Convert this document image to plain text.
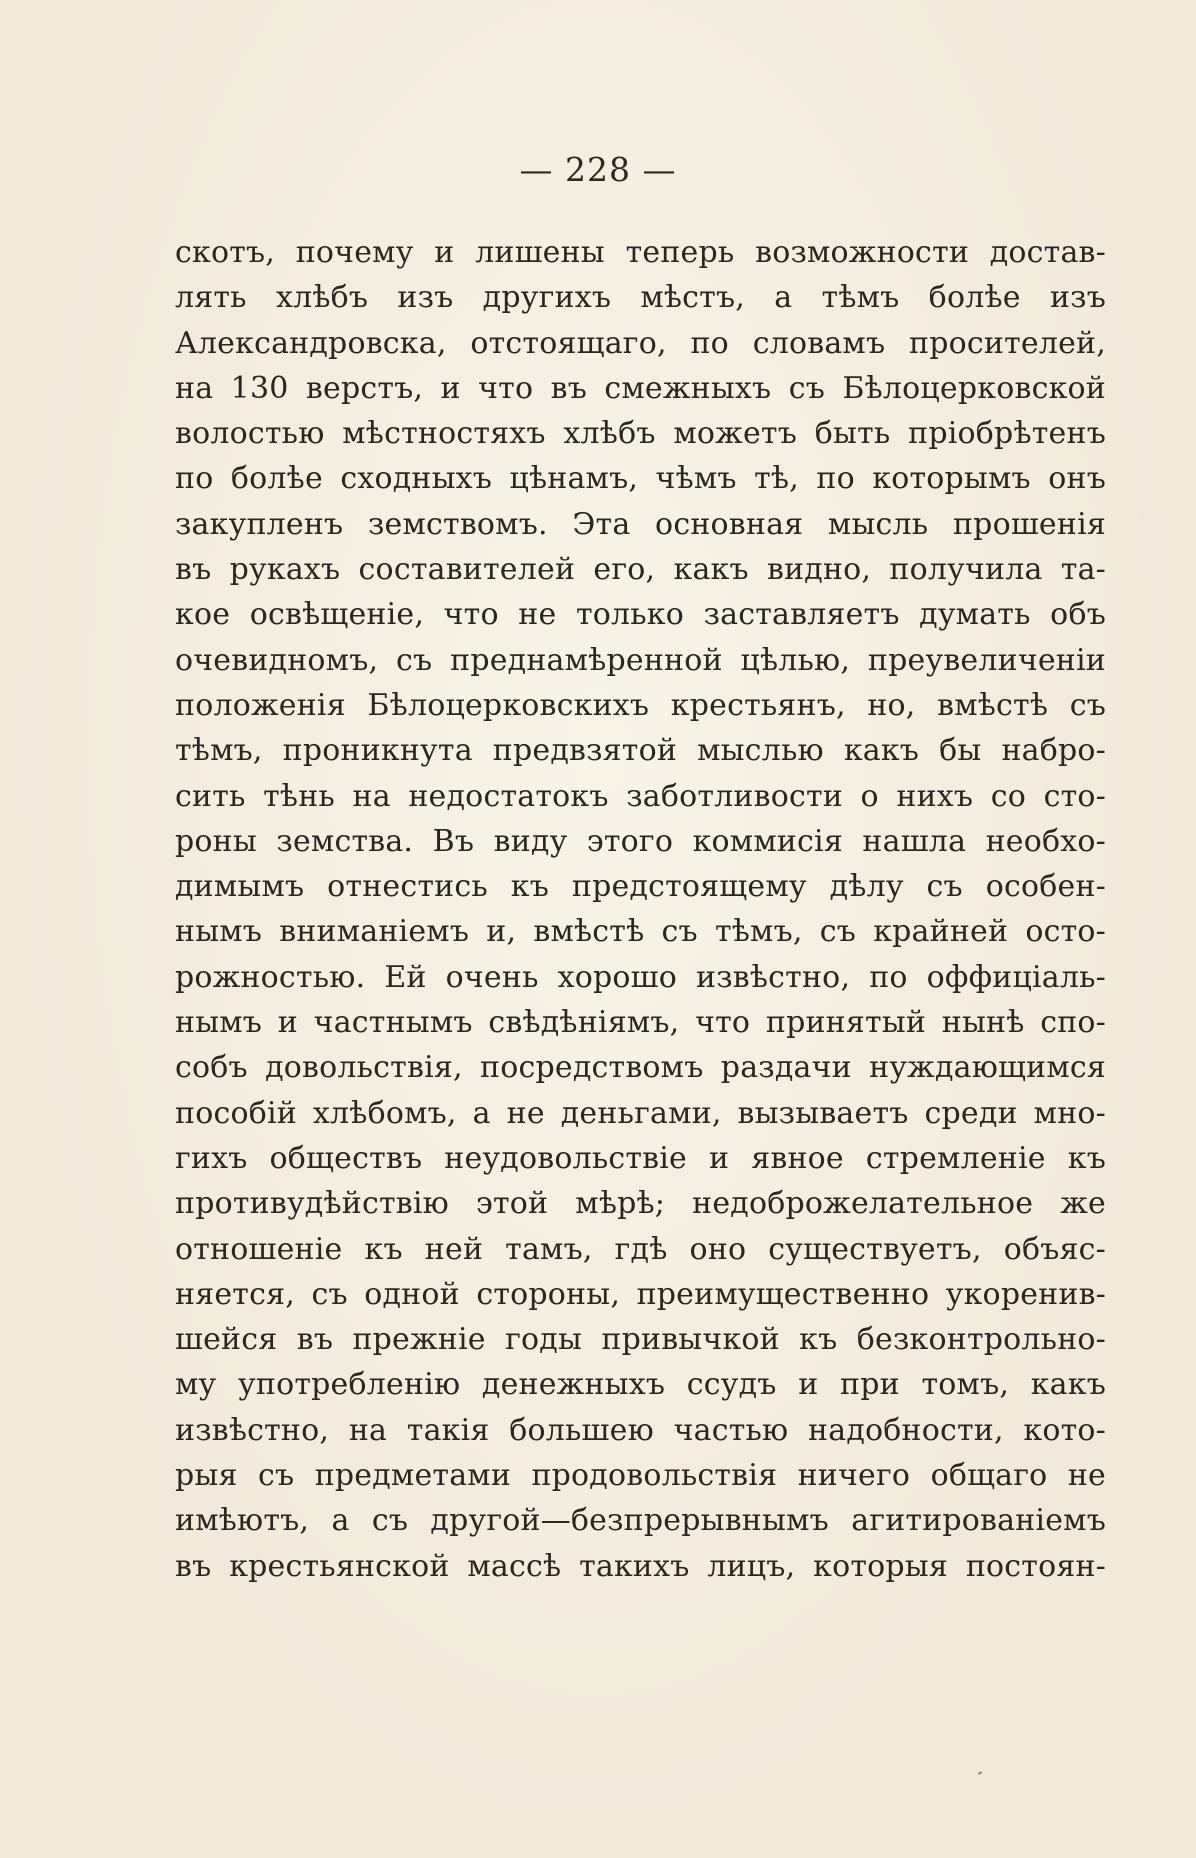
— 228 —
скотъ, почему и лишены теперь возможности достав-
лять хлѣбъ изъ другихъ мѣстъ, а тѣмъ болѣе изъ
Александровска, отстоящаго, по словамъ просителей,
на 130 верстъ, и что въ смежныхъ съ Бѣлоцерковской
волостью мѣстностяхъ хлѣбъ можетъ быть пріобрѣтенъ
по болѣе сходныхъ цѣнамъ, чѣмъ тѣ, по которымъ онъ
закупленъ земствомъ. Эта основная мысль прошенія
въ рукахъ составителей его, какъ видно, получила та-
кое освѣщеніе, что не только заставляетъ думать объ
очевидномъ, съ преднамѣренной цѣлью, преувеличеніи
положенія Бѣлоцерковскихъ крестьянъ, но, вмѣстѣ съ
тѣмъ, проникнута предвзятой мыслью какъ бы набро-
сить тѣнь на недостатокъ заботливости о нихъ со сто-
роны земства. Въ виду этого коммисія нашла необхо-
димымъ отнестись къ предстоящему дѣлу съ особен-
нымъ вниманіемъ и, вмѣстѣ съ тѣмъ, съ крайней осто-
рожностью. Ей очень хорошо извѣстно, по оффиціаль-
нымъ и частнымъ свѣдѣніямъ, что принятый нынѣ спо-
собъ довольствія, посредствомъ раздачи нуждающимся
пособій хлѣбомъ, а не деньгами, вызываетъ среди мно-
гихъ обществъ неудовольствіе и явное стремленіе къ
противудѣйствію этой мѣрѣ; недоброжелательное же
отношеніе къ ней тамъ, гдѣ оно существуетъ, объяс-
няется, съ одной стороны, преимущественно укоренив-
шейся въ прежніе годы привычкой къ безконтрольно-
му употребленію денежныхъ ссудъ и при томъ, какъ
извѣстно, на такія большею частью надобности, кото-
рыя съ предметами продовольствія ничего общаго не
имѣютъ, а съ другой—безпрерывнымъ агитированіемъ
въ крестьянской массѣ такихъ лицъ, которыя постоян-
